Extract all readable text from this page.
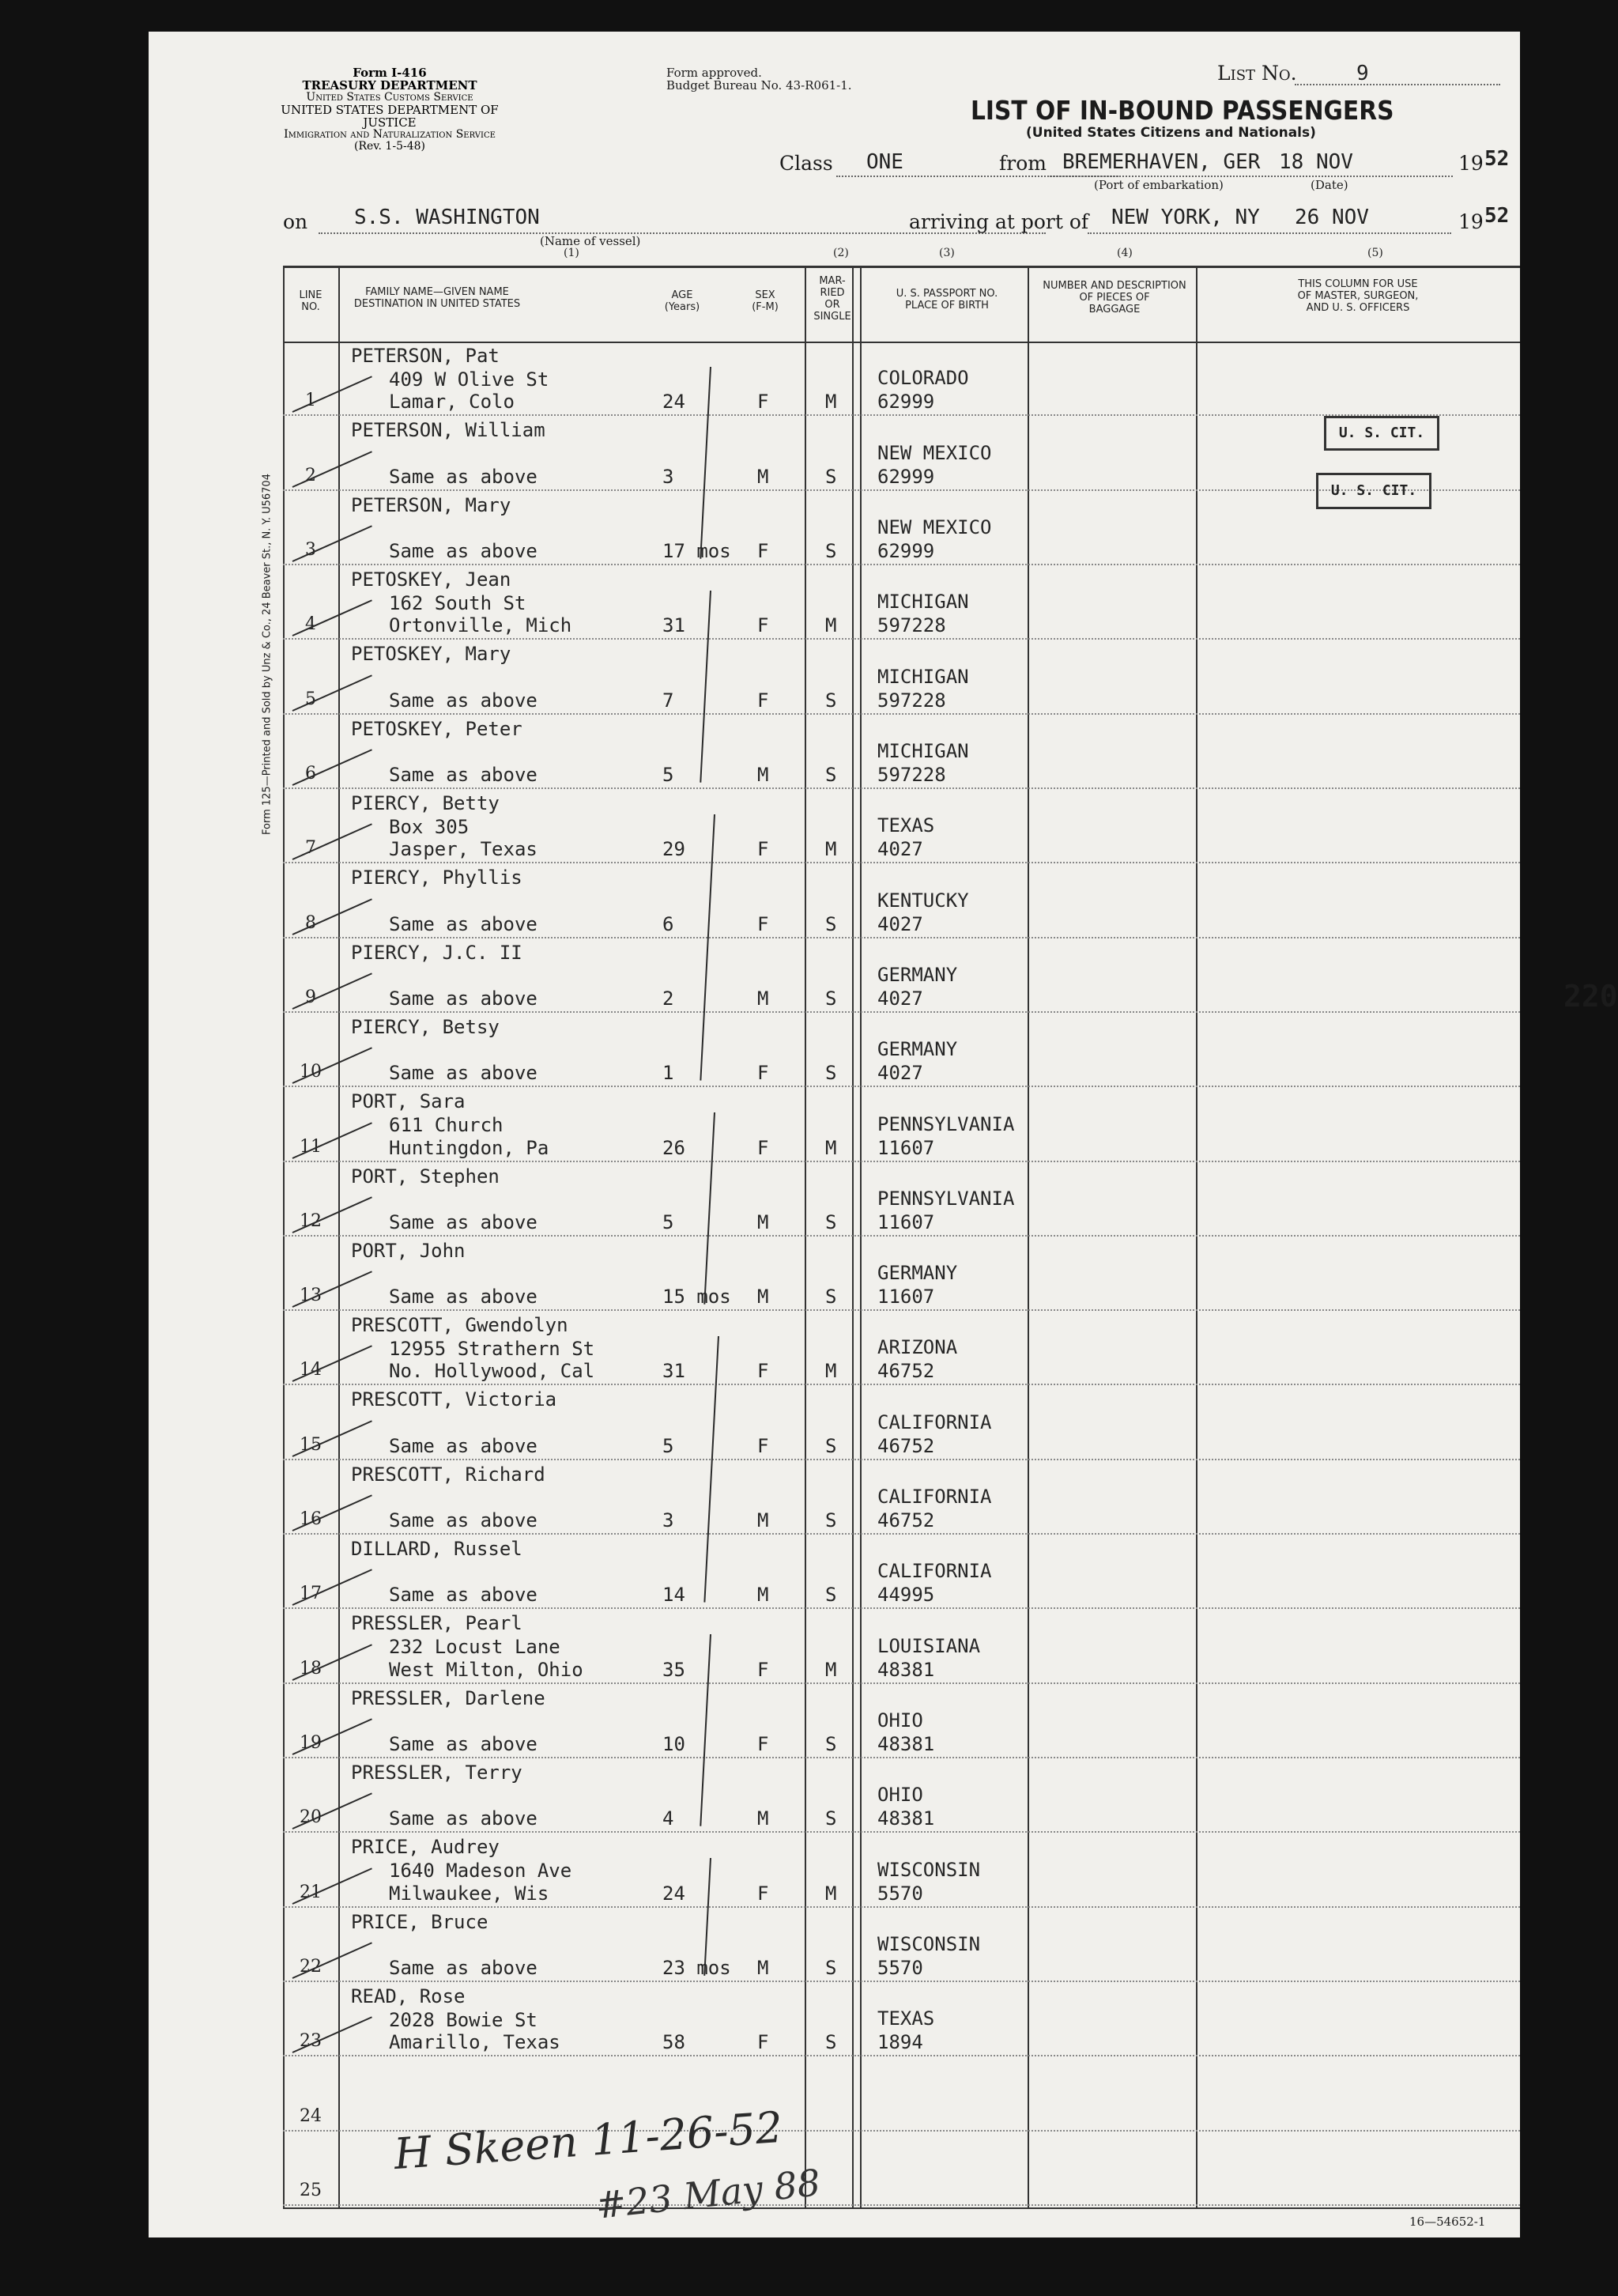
Form 125—Printed and Sold by Unz & Co., 24 Beaver St., N. Y. U56704
Form I-416
TREASURY DEPARTMENT
United States Customs Service
UNITED STATES DEPARTMENT OF JUSTICE
Immigration and Naturalization Service
(Rev. 1-5-48)
Form approved.
Budget Bureau No. 43-R061-1.
List No.	9
LIST OF IN-BOUND PASSENGERS
(United States Citizens and Nationals)
Class ONE	from BREMERHAVEN, GER
(Port of embarkation)
18 NOV
(Date)
19 52
on S.S. WASHINGTON
(Name of vessel)
arriving at port of NEW YORK, NY 26 NOV	19 52
(1)	(2)	(3)	(4)	(5)
LINE
NO.
FAMILY NAME—GIVEN NAME
DESTINATION IN UNITED STATES
AGE
(Years)
SEX
(F-M)
MAR-
RIED
OR
SINGLE
U. S. PASSPORT NO.
PLACE OF BIRTH
NUMBER AND DESCRIPTION
OF PIECES OF
BAGGAGE
THIS COLUMN FOR USE
OF MASTER, SURGEON,
AND U. S. OFFICERS
1
PETERSON, Pat
409 W Olive St
Lamar, Colo	24	F	M
COLORADO
62999
2
PETERSON, William
Same as above	3	M	S
NEW MEXICO
62999
3
PETERSON, Mary
Same as above	17 mos F	S
NEW MEXICO
62999
4
PETOSKEY, Jean
162 South St
Ortonville, Mich	31	F	M
MICHIGAN
597228
5
PETOSKEY, Mary
Same as above	7	F	S
MICHIGAN
597228
6
PETOSKEY, Peter
Same as above	5	M	S
MICHIGAN
597228
7
PIERCY, Betty
Box 305
Jasper, Texas	29	F	M
TEXAS
4027
8
PIERCY, Phyllis
Same as above	6	F	S
KENTUCKY
4027
9
PIERCY, J.C. II
Same as above	2	M	S
GERMANY
4027
10
PIERCY, Betsy
Same as above	1	F	S
GERMANY
4027
11
PORT, Sara
611 Church
Huntingdon, Pa	26	F	M
PENNSYLVANIA
11607
12
PORT, Stephen
Same as above	5	M	S
PENNSYLVANIA
11607
13
PORT, John
Same as above	15 mos M	S
GERMANY
11607
14
PRESCOTT, Gwendolyn
12955 Strathern St
No. Hollywood, Cal	31	F	M
ARIZONA
46752
15
PRESCOTT, Victoria
Same as above	5	F	S
CALIFORNIA
46752
16
PRESCOTT, Richard
Same as above	3	M	S
CALIFORNIA
46752
17
DILLARD, Russel
Same as above	14	M	S
CALIFORNIA
44995
18
PRESSLER, Pearl
232 Locust Lane
West Milton, Ohio	35	F	M
LOUISIANA
48381
19
PRESSLER, Darlene
Same as above	10	F	S
OHIO
48381
20
PRESSLER, Terry
Same as above	4	M	S
OHIO
48381
21
PRICE, Audrey
1640 Madeson Ave
Milwaukee, Wis	24	F	M
WISCONSIN
5570
22
PRICE, Bruce
Same as above	23 mos M	S
WISCONSIN
5570
23
READ, Rose
2028 Bowie St
Amarillo, Texas	58	F	S
TEXAS
1894
24
25
U. S. CIT.
U. S. CIT.
220
H Skeen 11-26-52
#23 May 88	16—54652-1
